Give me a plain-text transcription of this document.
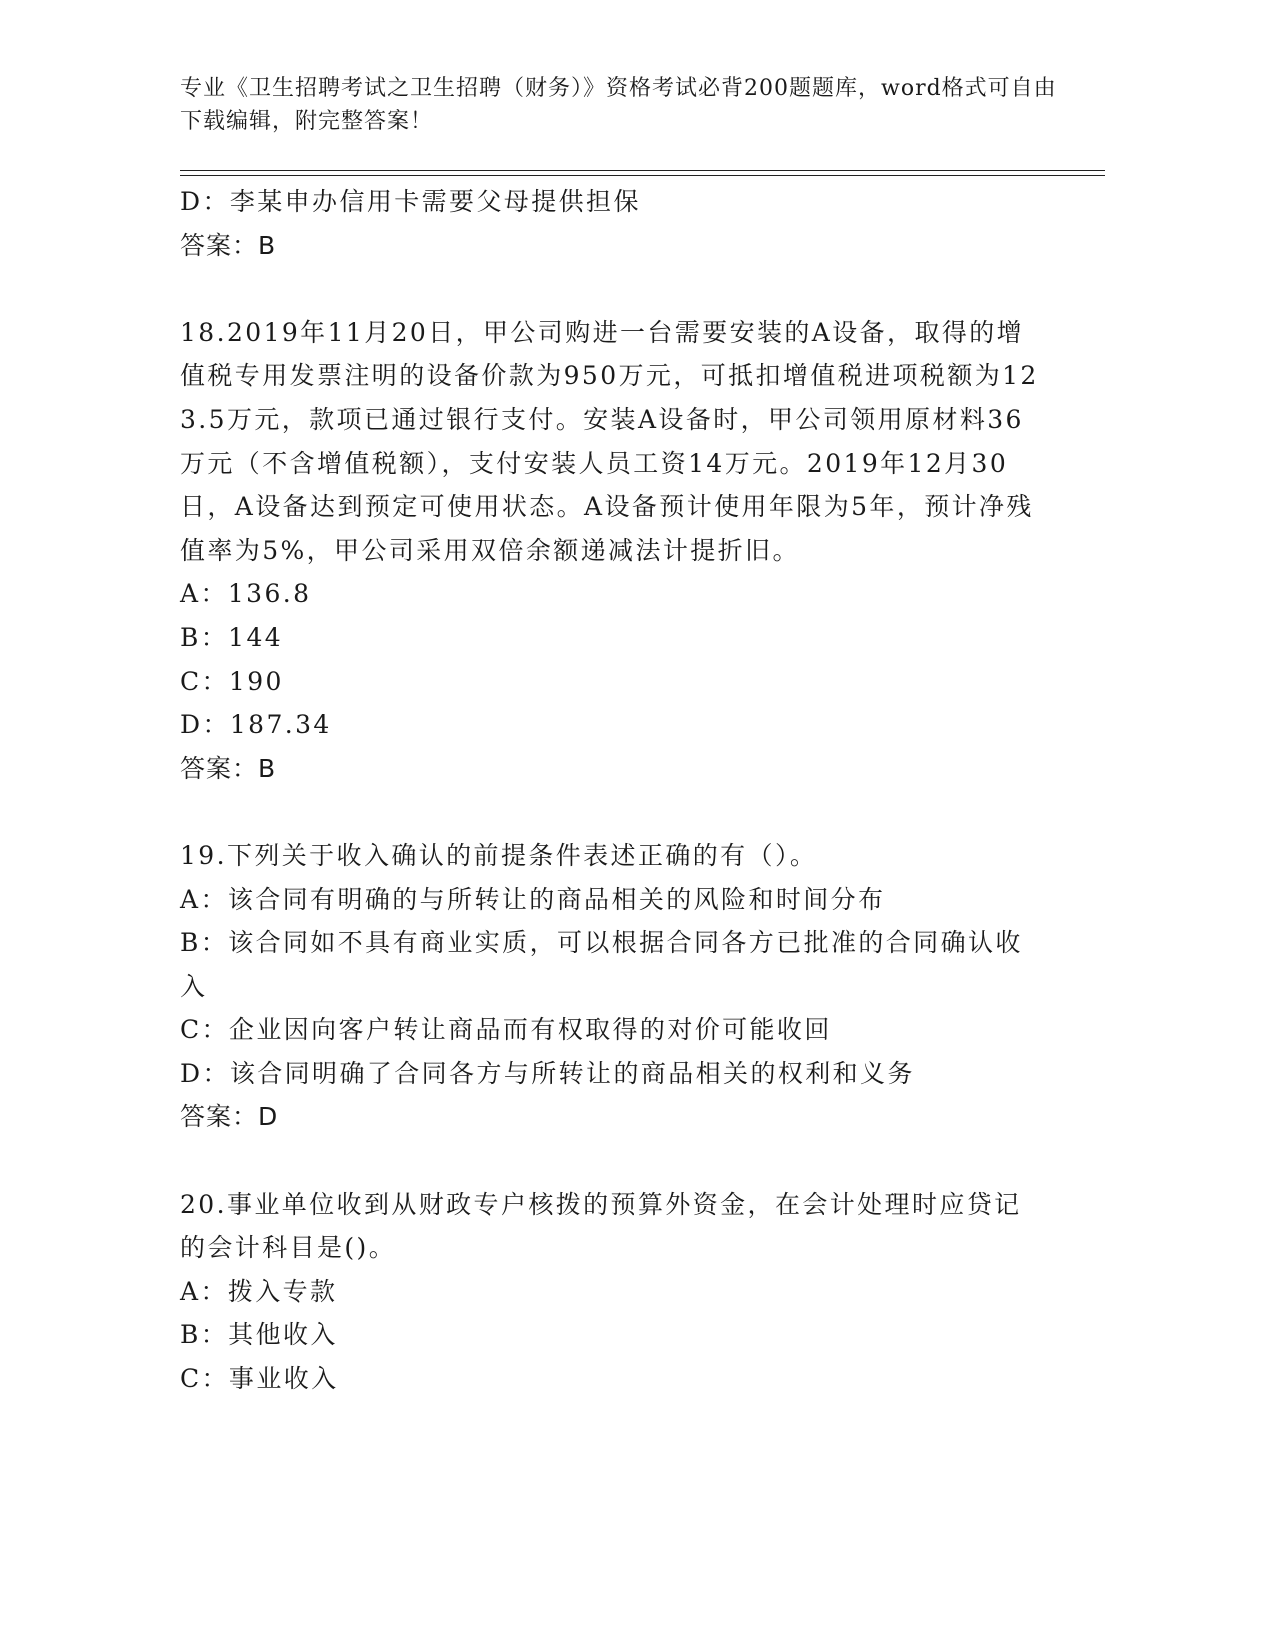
专业《卫生招聘考试之卫生招聘（财务）》资格考试必背200题题库，word格式可自由下载编辑，附完整答案！
D：李某申办信用卡需要父母提供担保
答案：B
18.2019年11月20日，甲公司购进一台需要安装的A设备，取得的增值税专用发票注明的设备价款为950万元，可抵扣增值税进项税额为123.5万元，款项已通过银行支付。安装A设备时，甲公司领用原材料36万元（不含增值税额），支付安装人员工资14万元。2019年12月30日，A设备达到预定可使用状态。A设备预计使用年限为5年，预计净残值率为5%，甲公司采用双倍余额递减法计提折旧。
A：136.8
B：144
C：190
D：187.34
答案：B
19.下列关于收入确认的前提条件表述正确的有（）。
A：该合同有明确的与所转让的商品相关的风险和时间分布
B：该合同如不具有商业实质，可以根据合同各方已批准的合同确认收入
C：企业因向客户转让商品而有权取得的对价可能收回
D：该合同明确了合同各方与所转让的商品相关的权利和义务
答案：D
20.事业单位收到从财政专户核拨的预算外资金，在会计处理时应贷记的会计科目是()。
A：拨入专款
B：其他收入
C：事业收入
